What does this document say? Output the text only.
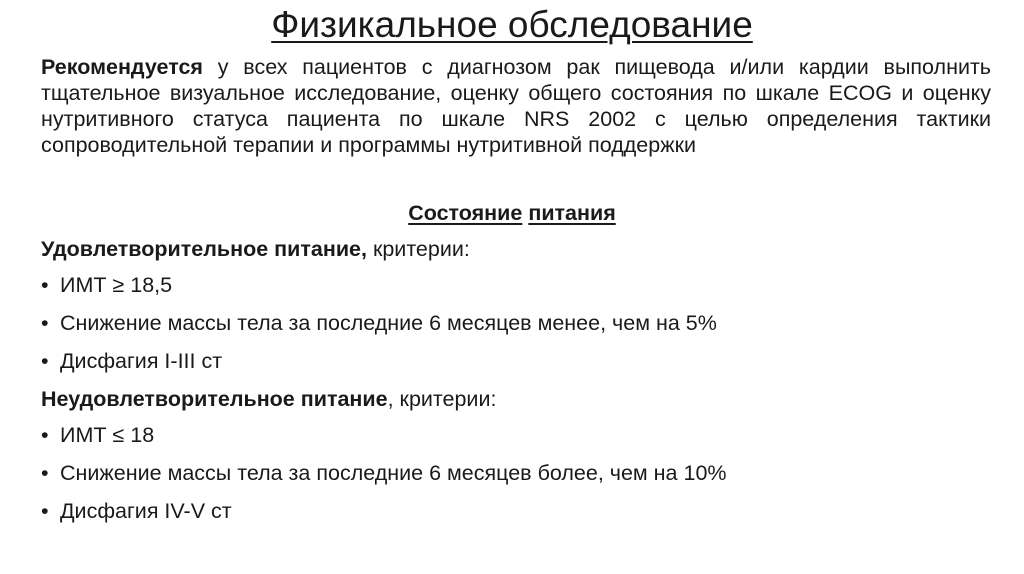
Физикальное обследование

Рекомендуется у всех пациентов с диагнозом рак пищевода и/или кардии выполнить тщательное визуальное исследование, оценку общего состояния по шкале ECOG и оценку нутритивного статуса пациента по шкале NRS 2002 с целью определения тактики сопроводительной терапии и программы нутритивной поддержки

Состояние питания

Удовлетворительное питание, критерии:

• ИМТ ≥ 18,5
• Снижение массы тела за последние 6 месяцев менее, чем на 5%
• Дисфагия I-III ст

Неудовлетворительное питание, критерии:

• ИМТ ≤ 18
• Снижение массы тела за последние 6 месяцев более, чем на 10%
• Дисфагия IV-V ст
